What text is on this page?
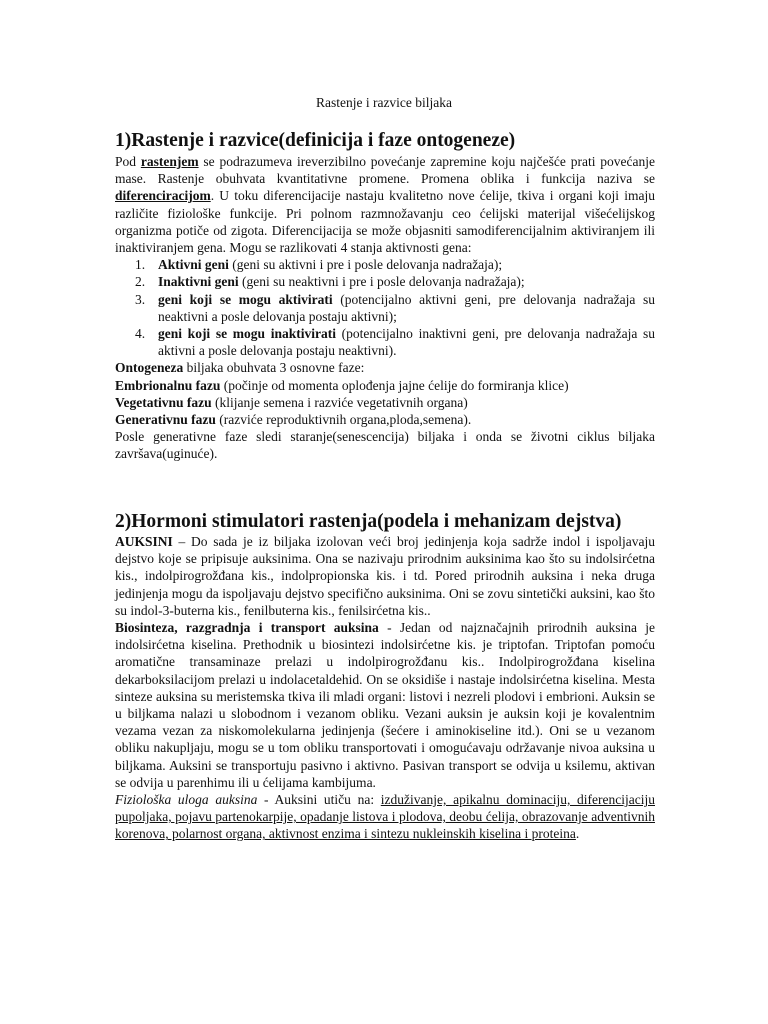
Rastenje i razvice biljaka
1)Rastenje i razvice(definicija i faze ontogeneze)

Pod rastenjem se podrazumeva ireverzibilno povećanje zapremine koju najčešće prati povećanje mase. Rastenje obuhvata kvantitativne promene. Promena oblika i funkcija naziva se diferenciracijom. U toku diferencijacije nastaju kvalitetno nove ćelije, tkiva i organi koji imaju različite fiziološke funkcije. Pri polnom razmnožavanju ceo ćelijski materijal višećelijskog organizma potiče od zigota. Diferencijacija se može objasniti samodiferencijalnim aktiviranjem ili inaktiviranjem gena. Mogu se razlikovati 4 stanja aktivnosti gena:

1. Aktivni geni (geni su aktivni i pre i posle delovanja nadražaja);
2. Inaktivni geni (geni su neaktivni i pre i posle delovanja nadražaja);
3. geni koji se mogu aktivirati (potencijalno aktivni geni, pre delovanja nadražaja su neaktivni a posle delovanja postaju aktivni);
4. geni koji se mogu inaktivirati (potencijalno inaktivni geni, pre delovanja nadražaja su aktivni a posle delovanja postaju neaktivni).

Ontogeneza biljaka obuhvata 3 osnovne faze:

Embrionalnu fazu (počinje od momenta oplođenja jajne ćelije do formiranja klice)

Vegetativnu fazu (klijanje semena i razviće vegetativnih organa)

Generativnu fazu (razviće reproduktivnih organa,ploda,semena).

Posle generativne faze sledi staranje(senescencija) biljaka i onda se životni ciklus biljaka završava(uginuće).

2)Hormoni stimulatori rastenja(podela i mehanizam dejstva)

AUKSINI – Do sada je iz biljaka izolovan veći broj jedinjenja koja sadrže indol i ispoljavaju dejstvo koje se pripisuje auksinima. Ona se nazivaju prirodnim auksinima kao što su indolsirćetna kis., indolpirogrožđana kis., indolpropionska kis. i td. Pored prirodnih auksina i neka druga jedinjenja mogu da ispoljavaju dejstvo specifično auksinima. Oni se zovu sintetički auksini, kao što su indol-3-buterna kis., fenilbuterna kis., fenilsirćetna kis..

Biosinteza, razgradnja i transport auksina - Jedan od najznačajnih prirodnih auksina je indolsirćetna kiselina. Prethodnik u biosintezi indolsirćetne kis. je triptofan. Triptofan pomoću aromatične transaminaze prelazi u indolpirogrožđanu kis.. Indolpirogrožđana kiselina dekarboksilacijom prelazi u indolacetaldehid. On se oksidiše i nastaje indolsirćetna kiselina. Mesta sinteze auksina su meristemska tkiva ili mladi organi: listovi i nezreli plodovi i embrioni. Auksin se u biljkama nalazi u slobodnom i vezanom obliku. Vezani auksin je auksin koji je kovalentnim vezama vezan za niskomolekularna jedinjenja (šećere i aminokiseline itd.). Oni se u vezanom obliku nakupljaju, mogu se u tom obliku transportovati i omogućavaju održavanje nivoa auksina u biljkama. Auksini se transportuju pasivno i aktivno. Pasivan transport se odvija u ksilemu, aktivan se odvija u parenhimu ili u ćelijama kambijuma.

Fiziološka uloga auksina - Auksini utiču na: izduživanje, apikalnu dominaciju, diferencijaciju pupoljaka, pojavu partenokarpije, opadanje listova i plodova, deobu ćelija, obrazovanje adventivnih korenova, polarnost organa, aktivnost enzima i sintezu nukleinskih kiselina i proteina.
